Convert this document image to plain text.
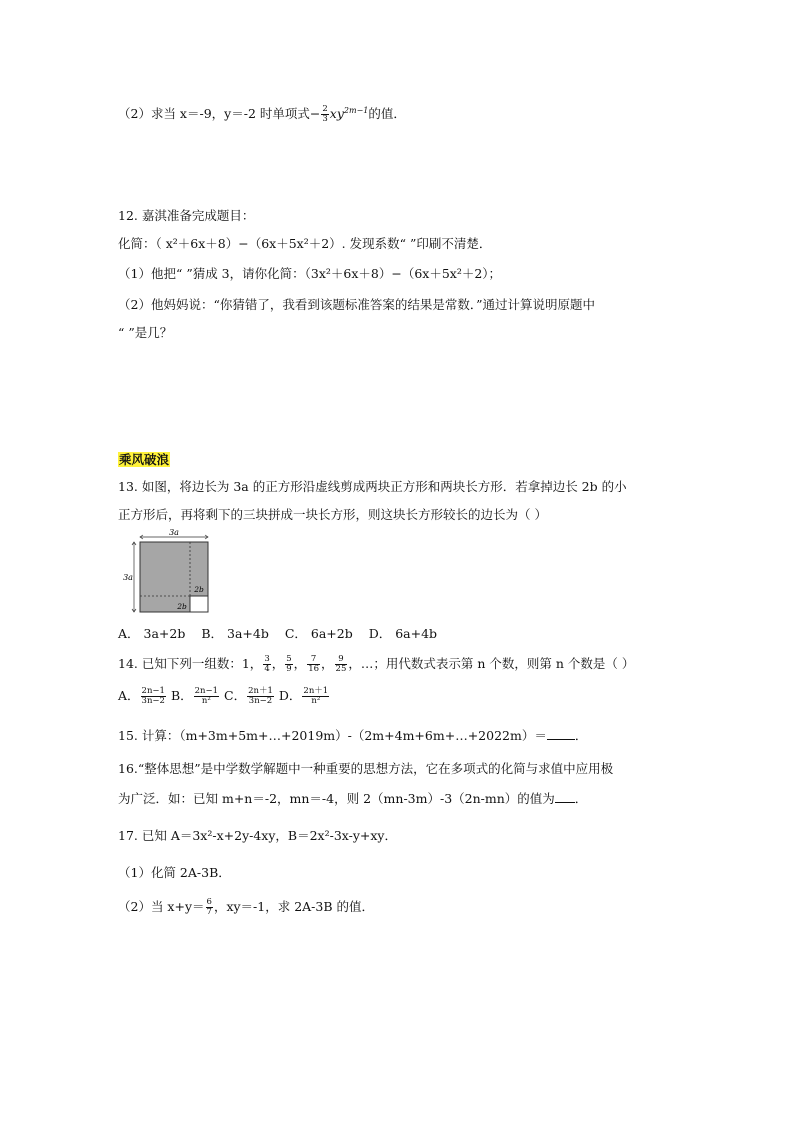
（2）求当 x＝-9，y＝-2 时单项式− $\frac{2}{3} xy^{2m-1}$的值．
12. 嘉淇准备完成题目：
化简：（ x²＋6x＋8）−（6x＋5x²＋2）. 发现系数“ ”印刷不清楚．
（1）他把“ ”猜成 3，请你化简：（3x²＋6x＋8）−（6x＋5x²＋2）；
（2）他妈妈说：“你猜错了，我看到该题标准答案的结果是常数．”通过计算说明原题中
“ ”是几？
乘风破浪
13. 如图，将边长为 3a 的正方形沿虚线剪成两块正方形和两块长方形．若拿掉边长 2b 的小
正方形后，再将剩下的三块拼成一块长方形，则这块长方形较长的边长为（ ）
3a
3a
2b
2b
A． 3a+2b B． 3a+4b C． 6a+2b D． 6a+4b
14. 已知下列一组数：1， $\frac{3}{4}$ ， $\frac{5}{9}$ ， $\frac{7}{16}$ ， $\frac{9}{25}$ ，…；用代数式表示第 n 个数，则第 n 个数是（ ）
A． $\frac{2n-1}{3n-2}$ B． $\frac{2n-1}{\text{n²}}$ C． $\frac{2n+1}{3n-2}$ D． $\frac{2n+1}{\text{n²}}$
15. 计算：（m+3m+5m+…+2019m）-（2m+4m+6m+…+2022m）＝ ．
16.“整体思想”是中学数学解题中一种重要的思想方法，它在多项式的化简与求值中应用极
为广泛．如：已知 m+n＝-2，mn＝-4，则 2（mn-3m）-3（2n-mn）的值为 ．
17. 已知 A＝3x²-x+2y-4xy，B＝2x²-3x-y+xy．
（1）化简 2A-3B．
（2）当 $x+y= \frac{6}{7}$ ，xy＝-1，求 2A-3B 的值．
